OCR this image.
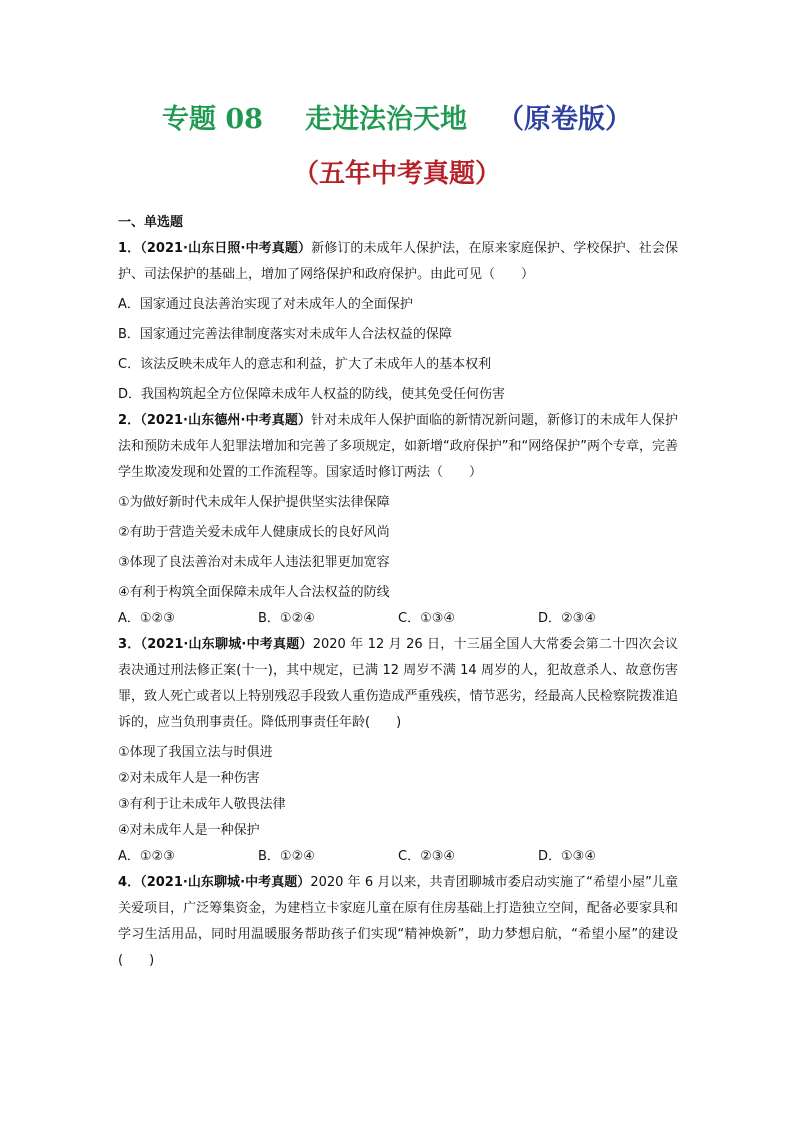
专题 08 走进法治天地 （原卷版）
（五年中考真题）

一、单选题

1．（2021·山东日照·中考真题）新修订的未成年人保护法，在原来家庭保护、学校保护、社会保护、司法保护的基础上，增加了网络保护和政府保护。由此可见（　　）

A．国家通过良法善治实现了对未成年人的全面保护

B．国家通过完善法律制度落实对未成年人合法权益的保障

C．该法反映未成年人的意志和利益，扩大了未成年人的基本权利

D．我国构筑起全方位保障未成年人权益的防线，使其免受任何伤害

2．（2021·山东德州·中考真题）针对未成年人保护面临的新情况新问题，新修订的未成年人保护法和预防未成年人犯罪法增加和完善了多项规定，如新增“政府保护”和“网络保护”两个专章，完善学生欺凌发现和处置的工作流程等。国家适时修订两法（　　）

①为做好新时代未成年人保护提供坚实法律保障

②有助于营造关爱未成年人健康成长的良好风尚

③体现了良法善治对未成年人违法犯罪更加宽容

④有利于构筑全面保障未成年人合法权益的防线

A．①②③	B．①②④	C．①③④	D．②③④

3．（2021·山东聊城·中考真题）2020 年 12 月 26 日，十三届全国人大常委会第二十四次会议表决通过刑法修正案(十一)，其中规定，已满 12 周岁不满 14 周岁的人，犯故意杀人、故意伤害罪，致人死亡或者以上特别残忍手段致人重伤造成严重残疾，情节恶劣，经最高人民检察院拨准追诉的，应当负刑事责任。降低刑事责任年龄(　　)

①体现了我国立法与时俱进

②对未成年人是一种伤害

③有利于让未成年人敬畏法律

④对未成年人是一种保护

A．①②③	B．①②④	C．②③④	D．①③④

4．（2021·山东聊城·中考真题）2020 年 6 月以来，共青团聊城市委启动实施了“希望小屋”儿童关爱项目，广泛筹集资金，为建档立卡家庭儿童在原有住房基础上打造独立空间，配备必要家具和学习生活用品，同时用温暖服务帮助孩子们实现“精神焕新”，助力梦想启航，“希望小屋”的建设(　　)
